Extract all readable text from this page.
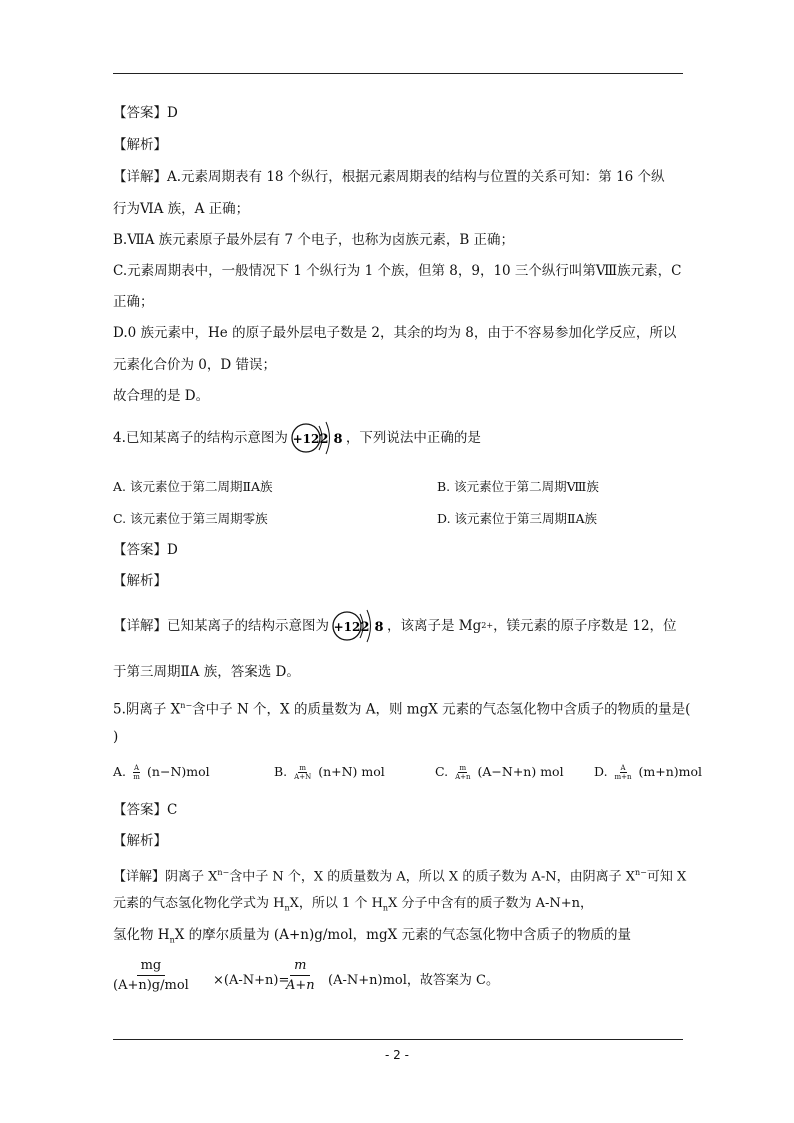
【答案】D
【解析】
【详解】A.元素周期表有 18 个纵行，根据元素周期表的结构与位置的关系可知：第 16 个纵
行为ⅥA 族，A 正确；
B.ⅦA 族元素原子最外层有 7 个电子，也称为卤族元素，B 正确；
C.元素周期表中，一般情况下 1 个纵行为 1 个族，但第 8，9，10 三个纵行叫第Ⅷ族元素，C
正确；
D.0 族元素中，He 的原子最外层电子数是 2，其余的均为 8，由于不容易参加化学反应，所以
元素化合价为 0，D 错误；
故合理的是 D。
4.已知某离子的结构示意图为 +12 2 8 ，下列说法中正确的是
A. 该元素位于第二周期ⅡA族	B. 该元素位于第二周期Ⅷ族
C. 该元素位于第三周期零族	D. 该元素位于第三周期ⅡA族
【答案】D
【解析】
【详解】已知某离子的结构示意图为 +12 2 8 ，该离子是 Mg 2+ ，镁元素的原子序数是 12，位
于第三周期ⅡA 族，答案选 D。
5.阴离子 $X^{n-}$含中子 N 个，X 的质量数为 A，则 mgX 元素的气态氢化物中含质子的物质的量是(
)
A. $\frac{A}{m} (n-N)mol$	B. $\frac{m}{A+N} (n+N)$ mol	C. $\frac{m}{A+n} (A-N+n)$ mol D. $\frac{A}{m+n} (m+n)mol$
【答案】C
【解析】
【详解】阴离子 $X^{n-}$含中子 N 个，X 的质量数为 A，所以 X 的质子数为 A-N，由阴离子 $X^{n-}$可知 X
元素的气态氢化物化学式为 $H_nX$，所以 1 个 $H_nX$ 分子中含有的质子数为 A-N+n，
氢化物 $H_nX$ 的摩尔质量为 (A+n)g/mol，mgX 元素的气态氢化物中含质子的物质的量
mg
(A+n)g/mol ×(A-N+n)=
$\frac{m}{A+n} (A-N+n)mol$，故答案为 C。
- 2 -
